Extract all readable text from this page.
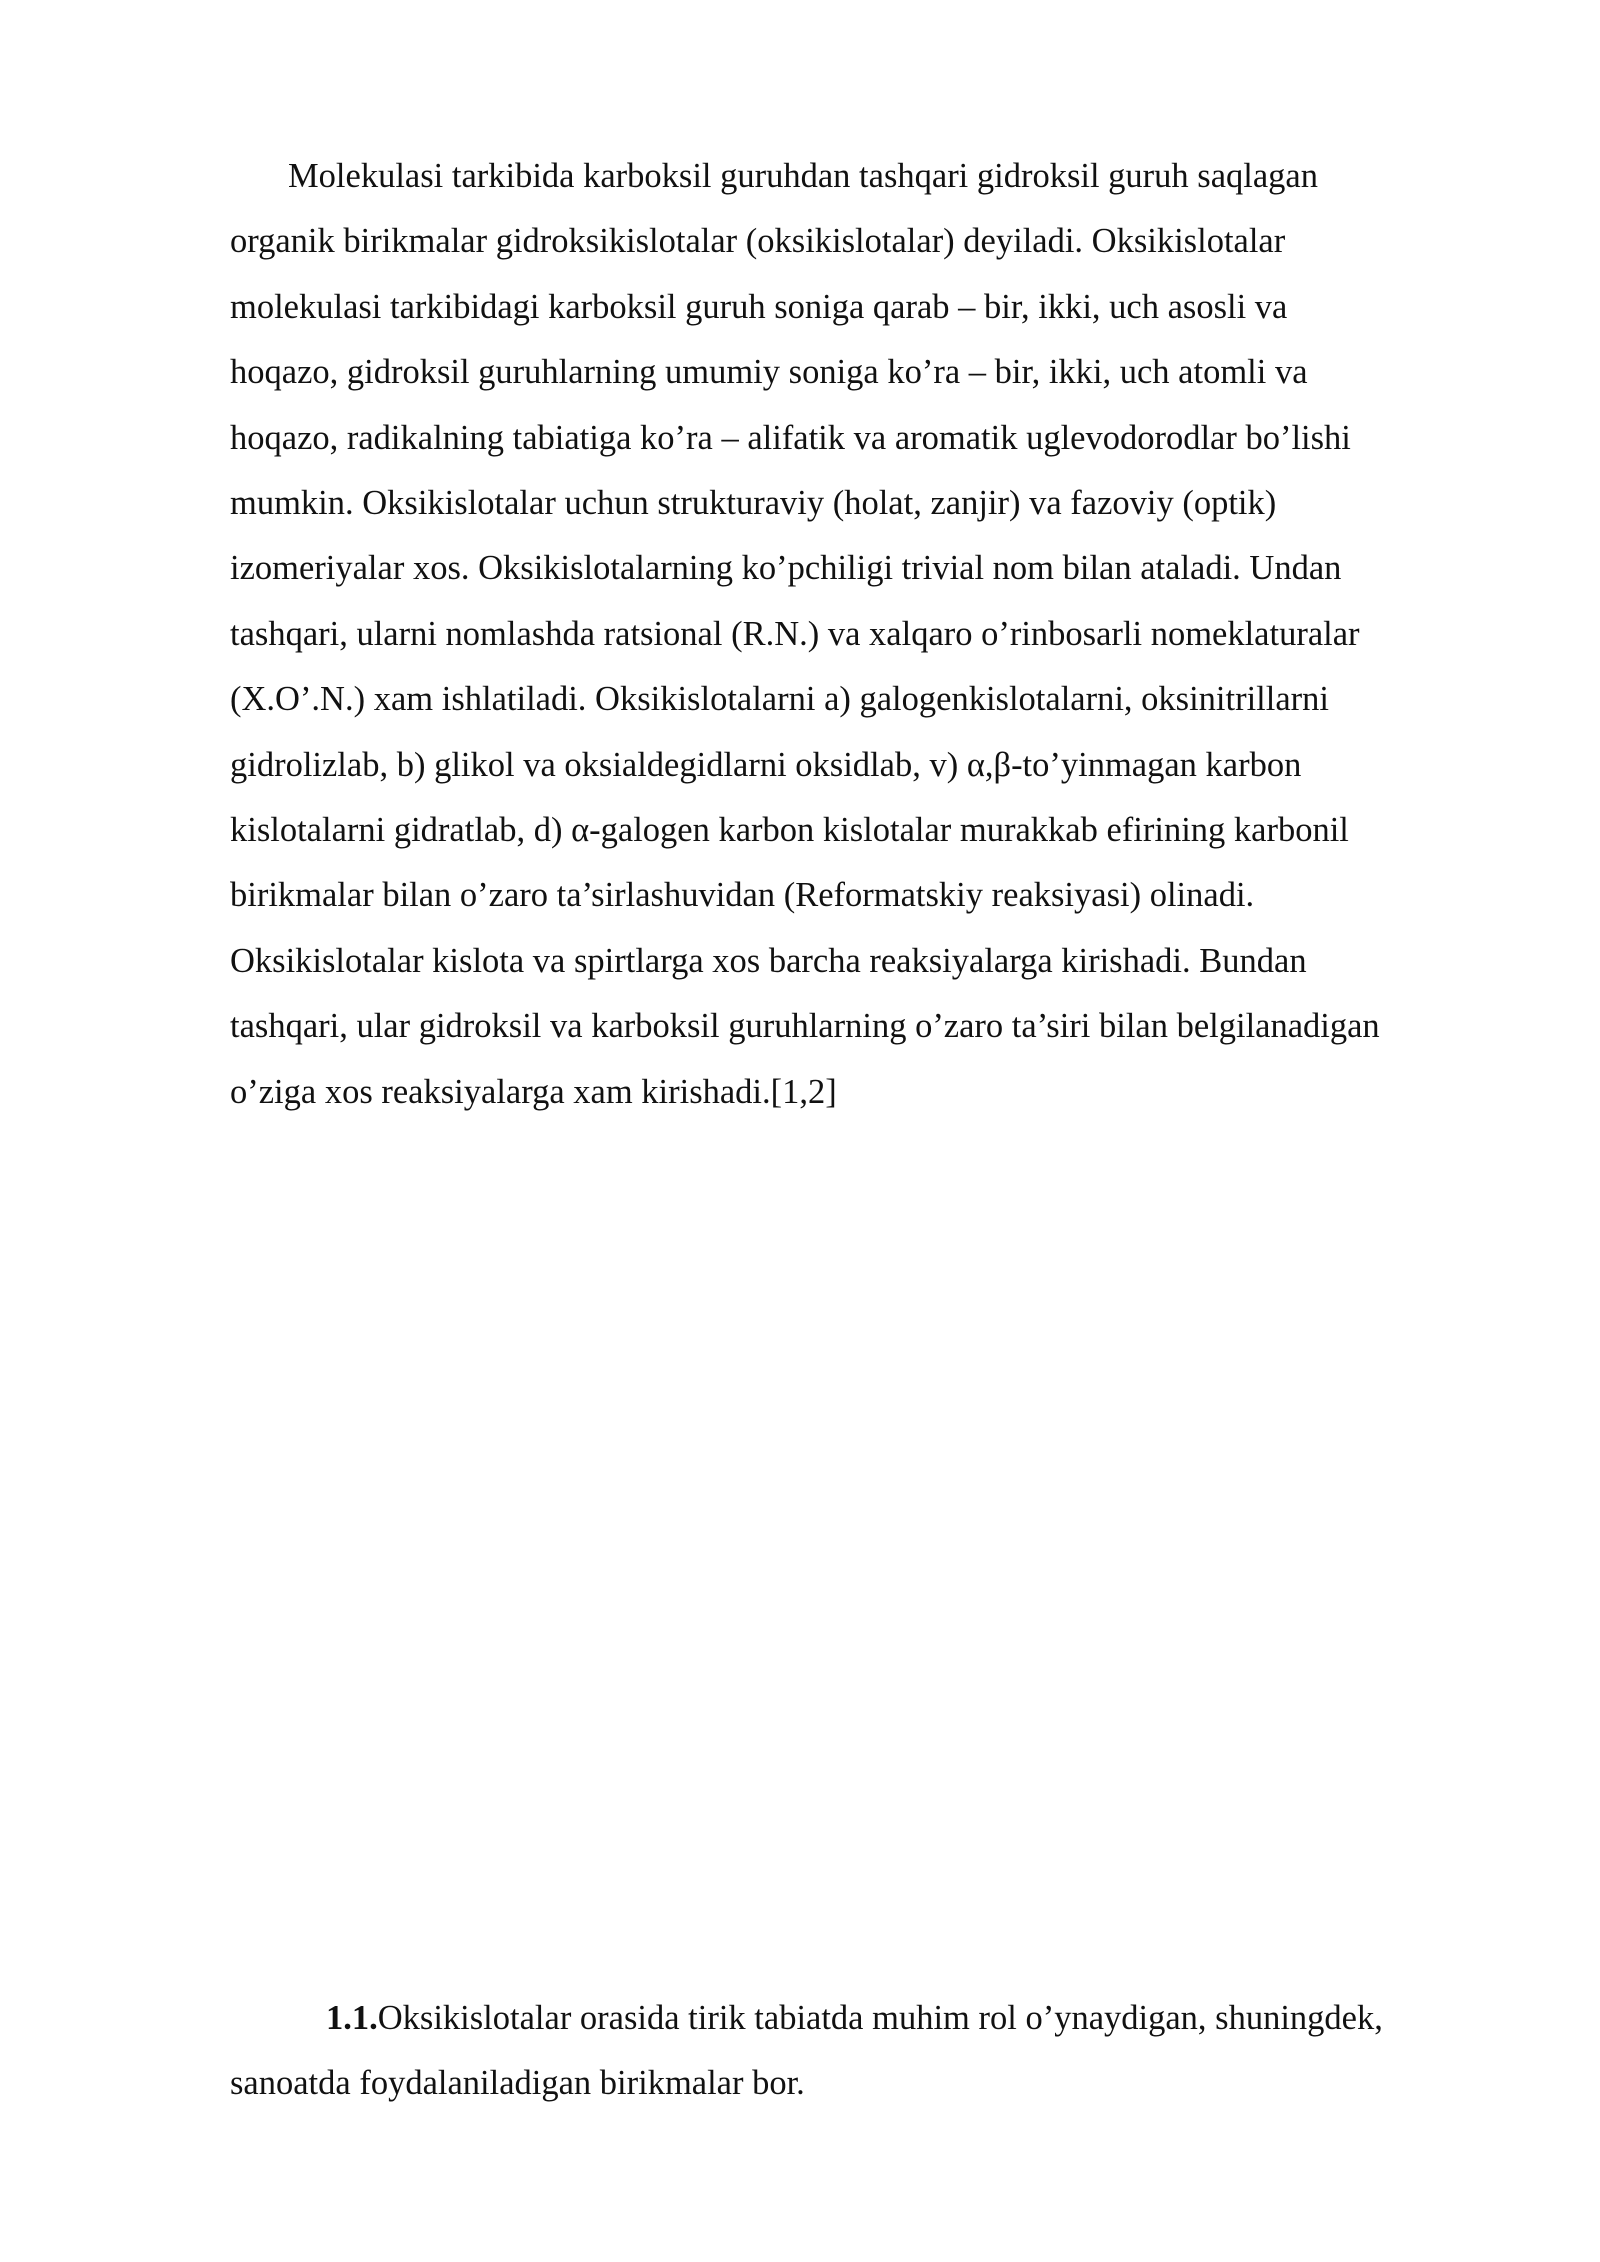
Molekulasi tarkibida karboksil guruhdan tashqari gidroksil guruh saqlagan
organik birikmalar gidroksikislotalar (oksikislotalar) deyiladi. Oksikislotalar
molekulasi tarkibidagi karboksil guruh soniga qarab – bir, ikki, uch asosli va
hoqazo, gidroksil guruhlarning umumiy soniga ko’ra – bir, ikki, uch atomli va
hoqazo, radikalning tabiatiga ko’ra – alifatik va aromatik uglevodorodlar bo’lishi
mumkin. Oksikislotalar uchun strukturaviy (holat, zanjir) va fazoviy (optik)
izomeriyalar xos. Oksikislotalarning ko’pchiligi trivial nom bilan ataladi. Undan
tashqari, ularni nomlashda ratsional (R.N.) va xalqaro o’rinbosarli nomeklaturalar
(X.O’.N.) xam ishlatiladi. Oksikislotalarni a) galogenkislotalarni, oksinitrillarni
gidrolizlab, b) glikol va oksialdegidlarni oksidlab, v) α,β-to’yinmagan karbon
kislotalarni gidratlab, d) α-galogen karbon kislotalar murakkab efirining karbonil
birikmalar bilan o’zaro ta’sirlashuvidan (Reformatskiy reaksiyasi) olinadi.
Oksikislotalar kislota va spirtlarga xos barcha reaksiyalarga kirishadi. Bundan
tashqari, ular gidroksil va karboksil guruhlarning o’zaro ta’siri bilan belgilanadigan
o’ziga xos reaksiyalarga xam kirishadi.[1,2]
1.1.Oksikislotalar orasida tirik tabiatda muhim rol o’ynaydigan, shuningdek,
sanoatda foydalaniladigan birikmalar bor.
